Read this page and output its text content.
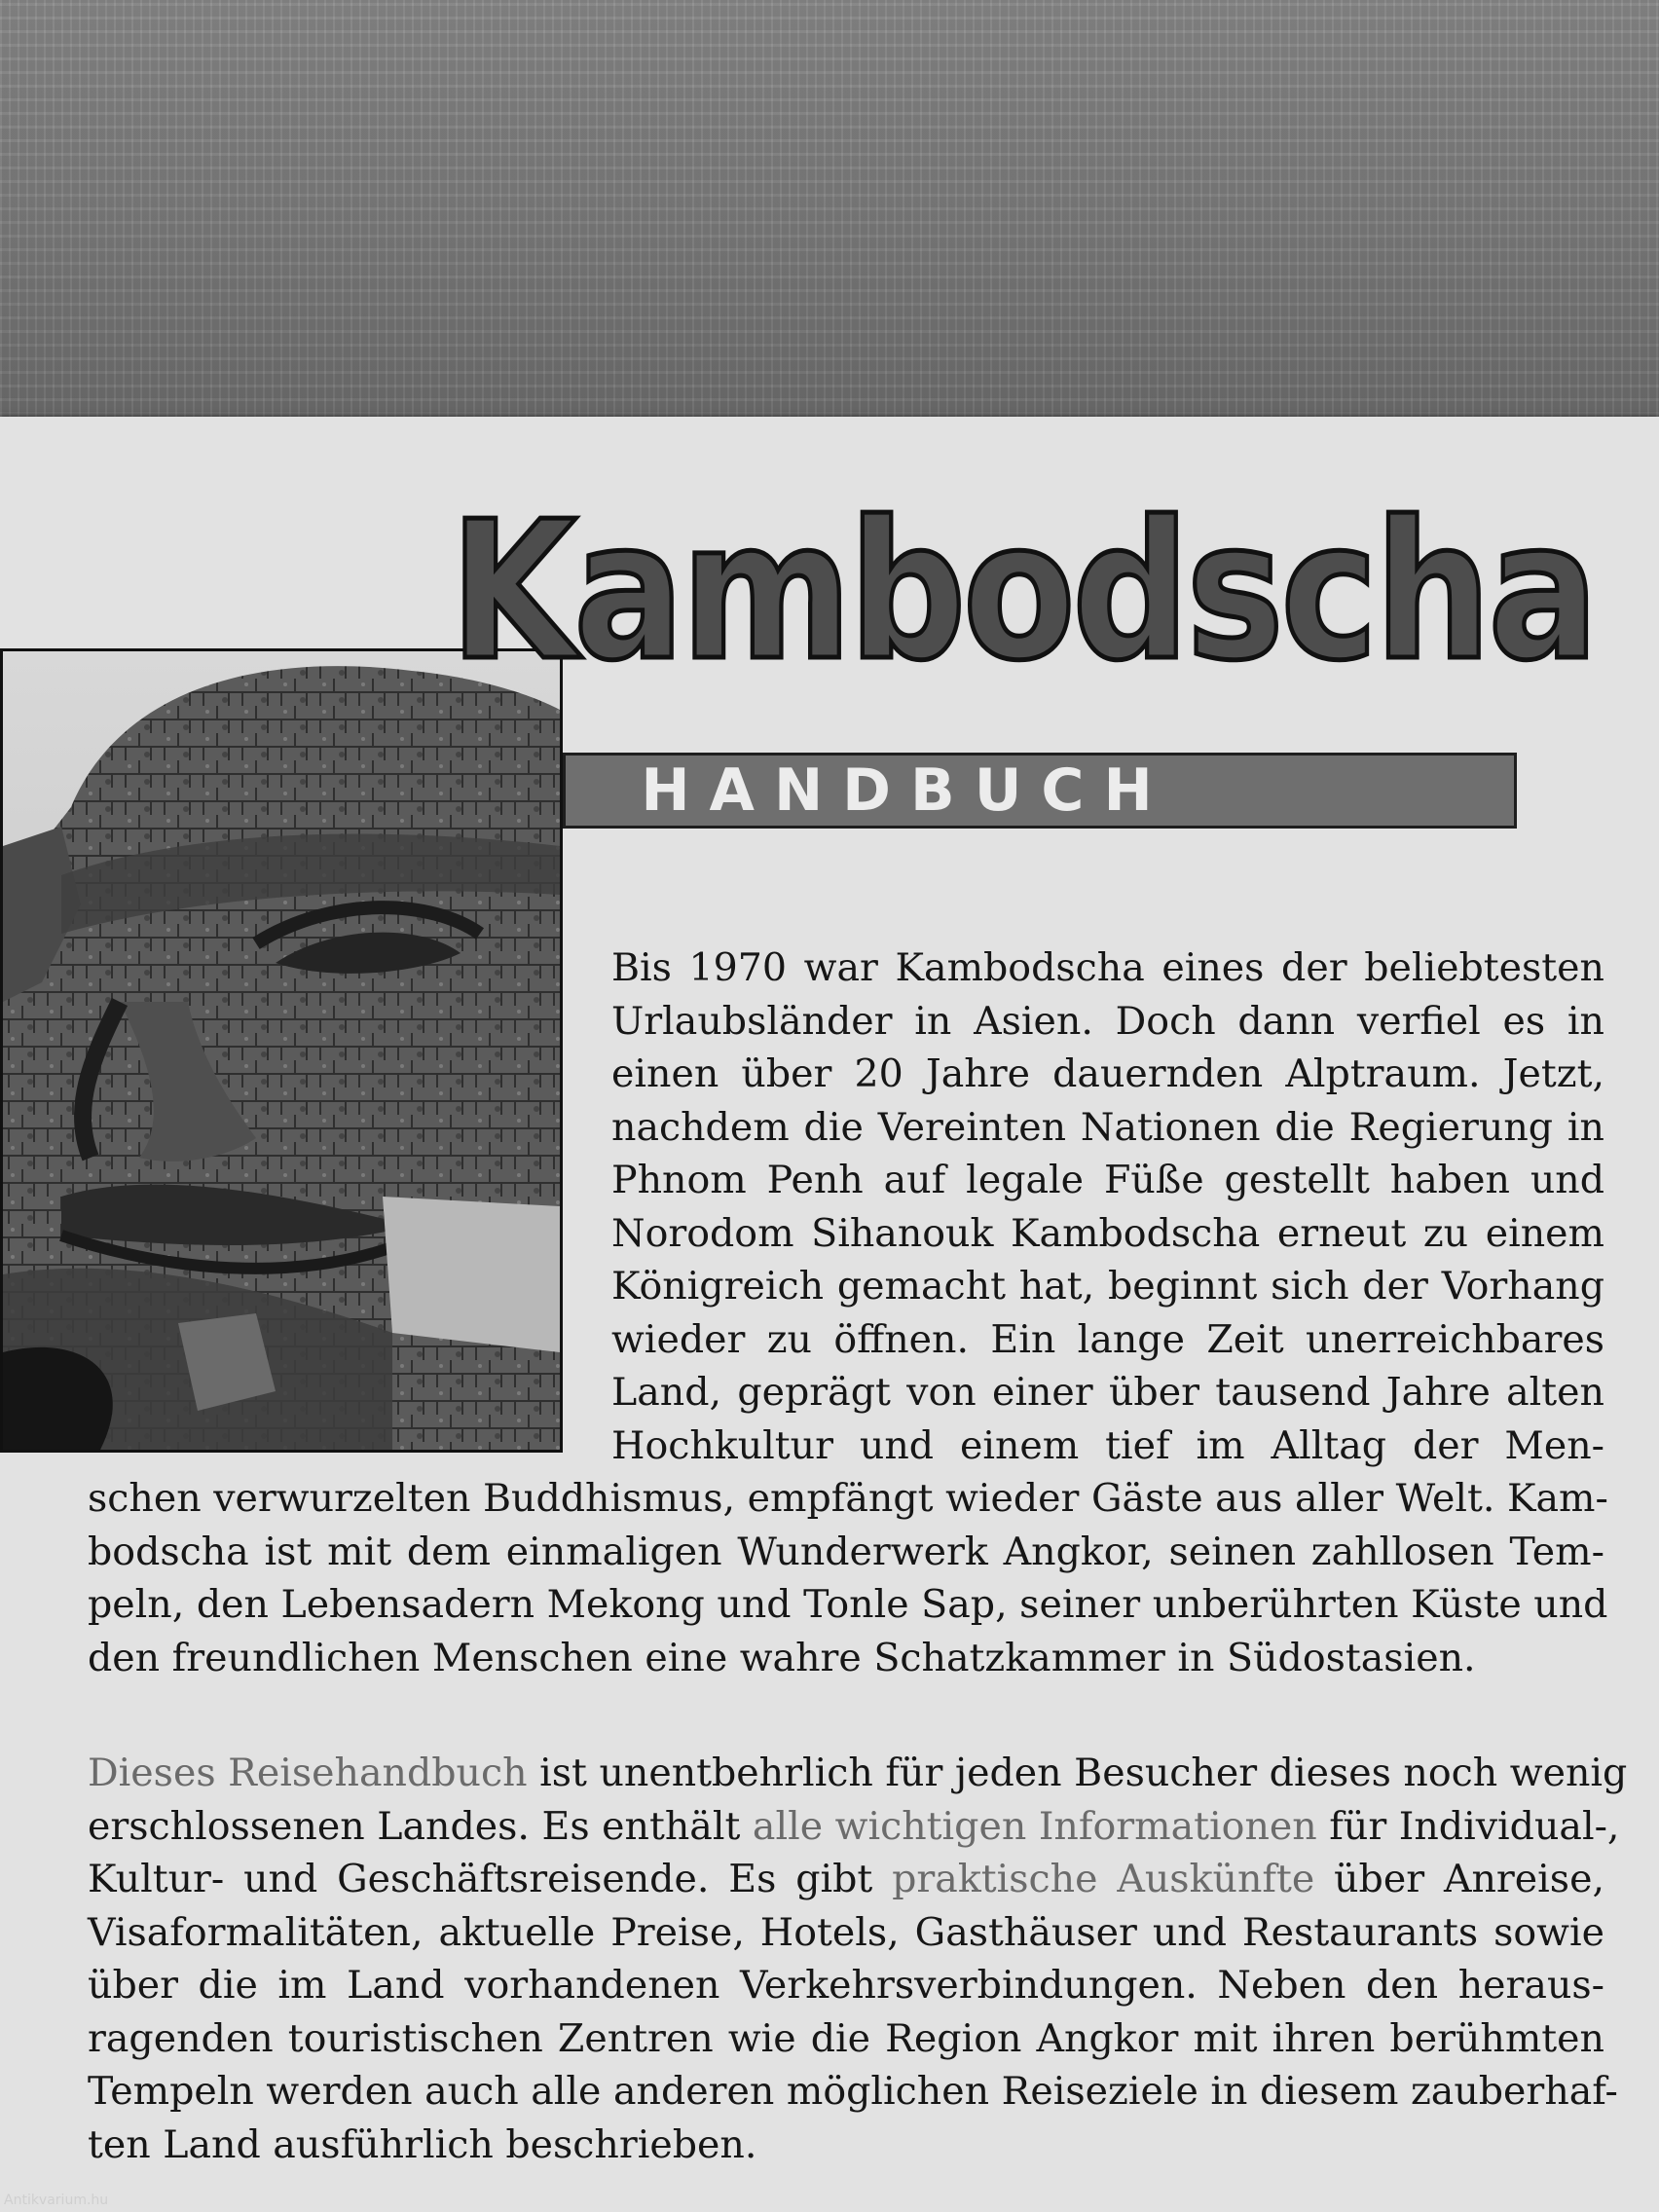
Kambodscha
HANDBUCH
Bis 1970 war Kambodscha eines der beliebtesten
Urlaubsländer in Asien. Doch dann verfiel es in
einen über 20 Jahre dauernden Alptraum. Jetzt,
nachdem die Vereinten Nationen die Regierung in
Phnom Penh auf legale Füße gestellt haben und
Norodom Sihanouk Kambodscha erneut zu einem
Königreich gemacht hat, beginnt sich der Vorhang
wieder zu öffnen. Ein lange Zeit unerreichbares
Land, geprägt von einer über tausend Jahre alten
Hochkultur und einem tief im Alltag der Men-
schen verwurzelten Buddhismus, empfängt wieder Gäste aus aller Welt. Kam-
bodscha ist mit dem einmaligen Wunderwerk Angkor, seinen zahllosen Tem-
peln, den Lebensadern Mekong und Tonle Sap, seiner unberührten Küste und
den freundlichen Menschen eine wahre Schatzkammer in Südostasien.
Dieses Reisehandbuch ist unentbehrlich für jeden Besucher dieses noch wenig
erschlossenen Landes. Es enthält alle wichtigen Informationen für Individual-,
Kultur- und Geschäftsreisende. Es gibt praktische Auskünfte über Anreise,
Visaformalitäten, aktuelle Preise, Hotels, Gasthäuser und Restaurants sowie
über die im Land vorhandenen Verkehrsverbindungen. Neben den heraus-
ragenden touristischen Zentren wie die Region Angkor mit ihren berühmten
Tempeln werden auch alle anderen möglichen Reiseziele in diesem zauberhaf-
ten Land ausführlich beschrieben.
Antikvarium.hu
